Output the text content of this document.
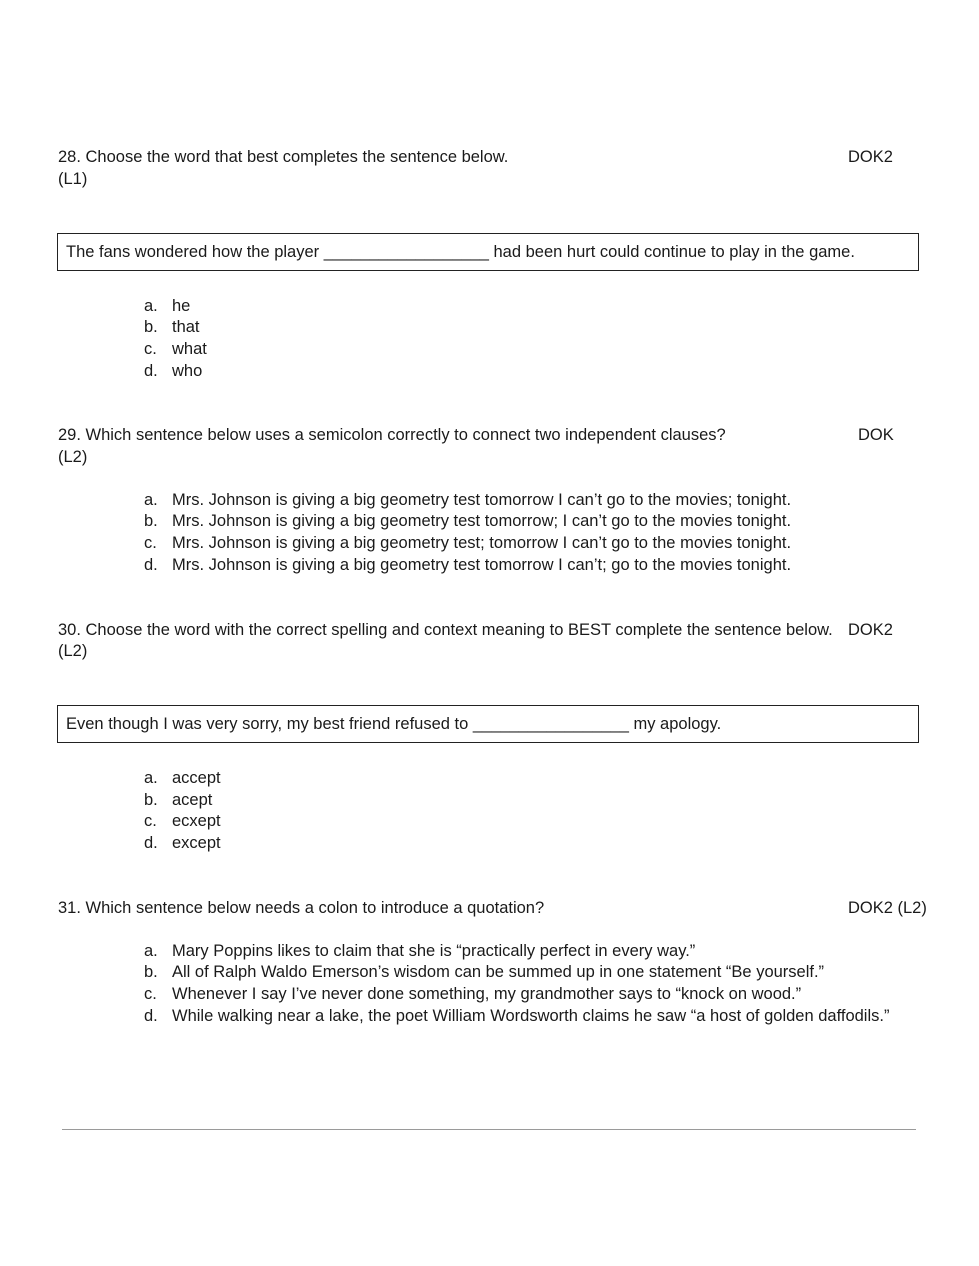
28. Choose the word that best completes the sentence below.	DOK2
(L1)
The fans wondered how the player __________________ had been hurt could continue to play in the game.
a. he
b. that
c. what
d. who
29. Which sentence below uses a semicolon correctly to connect two independent clauses?	DOK
(L2)
a. Mrs. Johnson is giving a big geometry test tomorrow I can’t go to the movies; tonight.
b. Mrs. Johnson is giving a big geometry test tomorrow; I can’t go to the movies tonight.
c. Mrs. Johnson is giving a big geometry test; tomorrow I can’t go to the movies tonight.
d. Mrs. Johnson is giving a big geometry test tomorrow I can’t; go to the movies tonight.
30. Choose the word with the correct spelling and context meaning to BEST complete the sentence below. DOK2
(L2)
Even though I was very sorry, my best friend refused to _________________ my apology.
a. accept
b. acept
c. ecxept
d. except
31. Which sentence below needs a colon to introduce a quotation?	DOK2 (L2)
a. Mary Poppins likes to claim that she is “practically perfect in every way.”
b. All of Ralph Waldo Emerson’s wisdom can be summed up in one statement “Be yourself.”
c. Whenever I say I’ve never done something, my grandmother says to “knock on wood.”
d. While walking near a lake, the poet William Wordsworth claims he saw “a host of golden daffodils.”
